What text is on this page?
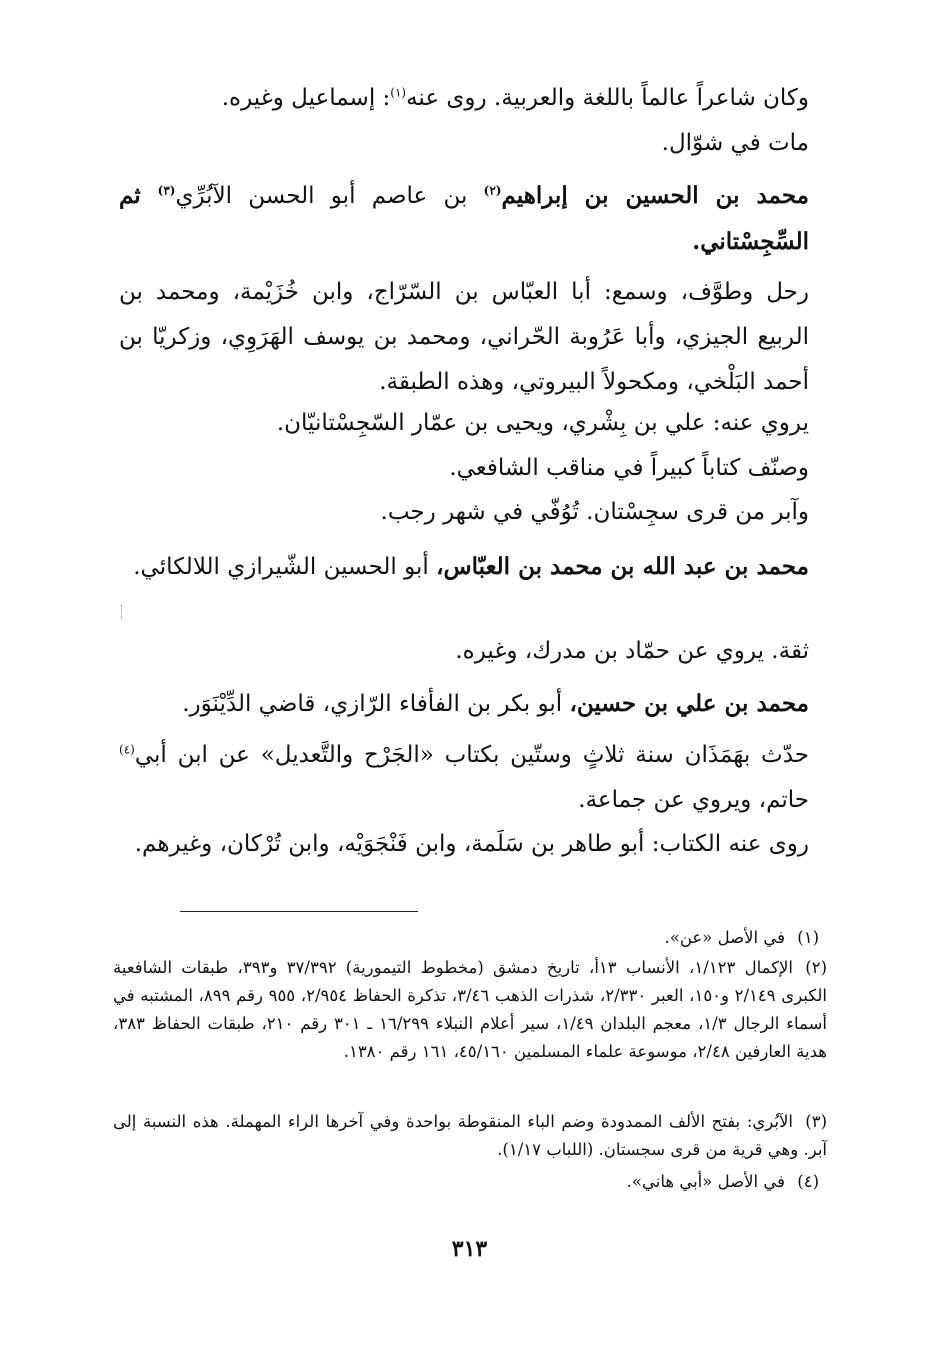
وكان شاعراً عالماً باللغة والعربية. روى عنه$^{(١)}$: إسماعيل وغيره.

مات في شوّال.

محمد بن الحسين بن إبراهيم$^{(٢)}$ بن عاصم أبو الحسن الآبُرِّي$^{(٣)}$ ثم السِّجِسْتاني.

رحل وطوَّف، وسمع: أبا العبّاس بن السّرّاج، وابن خُزَيْمة، ومحمد بن الربيع الجيزي، وأبا عَرُوبة الحّراني، ومحمد بن يوسف الهَرَوِي، وزكريّا بن أحمد البَلْخي، ومكحولاً البيروتي، وهذه الطبقة.

يروي عنه: علي بن بِشْري، ويحيى بن عمّار السّجِسْتانيّان.

وصنّف كتاباً كبيراً في مناقب الشافعي.

وآبر من قرى سجِسْتان. تُوُفّي في شهر رجب.

محمد بن عبد الله بن محمد بن العبّاس، أبو الحسين الشّيرازي اللالكائي.

ثقة. يروي عن حمّاد بن مدرك، وغيره.

محمد بن علي بن حسين، أبو بكر بن الفأفاء الرّازي، قاضي الدِّيْنَوَر.

حدّث بهَمَذَان سنة ثلاثٍ وستّين بكتاب «الجَرْح والتَّعديل» عن ابن أبي$^{(٤)}$ حاتم، ويروي عن جماعة.

روى عنه الكتاب: أبو طاهر بن سَلَمة، وابن فَنْجَوَيْه، وابن تُرْكان، وغيرهم.

(١)في الأصل «عن».

(٢)الإكمال ١/١٢٣، الأنساب ١٣أ، تاريخ دمشق (مخطوط التيمورية) ٣٧/٣٩٢ و٣٩٣، طبقات الشافعية الكبرى ٢/١٤٩ و١٥٠، العبر ٢/٣٣٠، شذرات الذهب ٣/٤٦، تذكرة الحفاظ ٢/٩٥٤، ٩٥٥ رقم ٨٩٩، المشتبه في أسماء الرجال ١/٣، معجم البلدان ١/٤٩، سير أعلام النبلاء ١٦/٢٩٩ ـ ٣٠١ رقم ٢١٠، طبقات الحفاظ ٣٨٣، هدية العارفين ٢/٤٨، موسوعة علماء المسلمين ٤٥/١٦٠، ١٦١ رقم ١٣٨٠.

(٣)الآبُري: بفتح الألف الممدودة وضم الباء المنقوطة بواحدة وفي آخرها الراء المهملة. هذه النسبة إلى آبر. وهي قرية من قرى سجستان. (اللباب ١/١٧).

(٤)في الأصل «أبي هاني».

٣١٣
